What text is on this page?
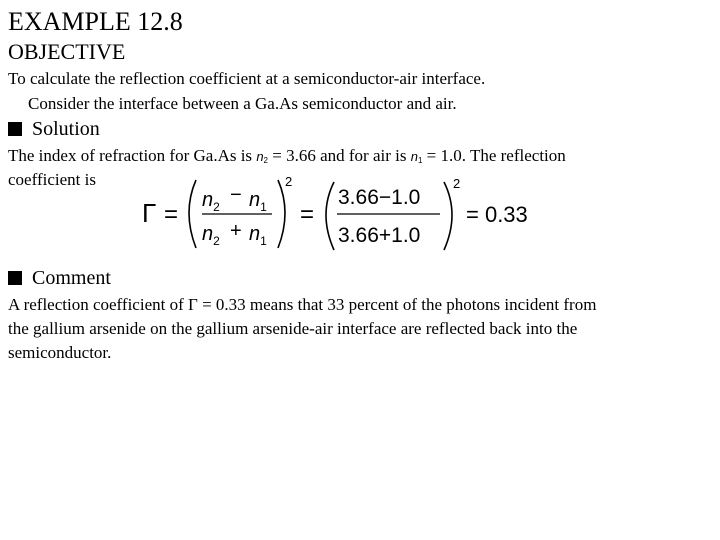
EXAMPLE 12.8
OBJECTIVE
To calculate the reflection coefficient at a semiconductor-air interface.
Consider the interface between a Ga.As semiconductor and air.
Solution
The index of refraction for Ga.As is $n_2 = 3.66$ and for air is $n_1 = 1.0$. The reflection
coefficient is
Γ =
$n_2$
− $n_1$
$n_2 + n_1$
2
=
3.66−1.0
3.66+1.0
2
= 0.33
Comment
A reflection coefficient of Γ = 0.33 means that 33 percent of the photons incident from
the gallium arsenide on the gallium arsenide-air interface are reflected back into the
semiconductor.
